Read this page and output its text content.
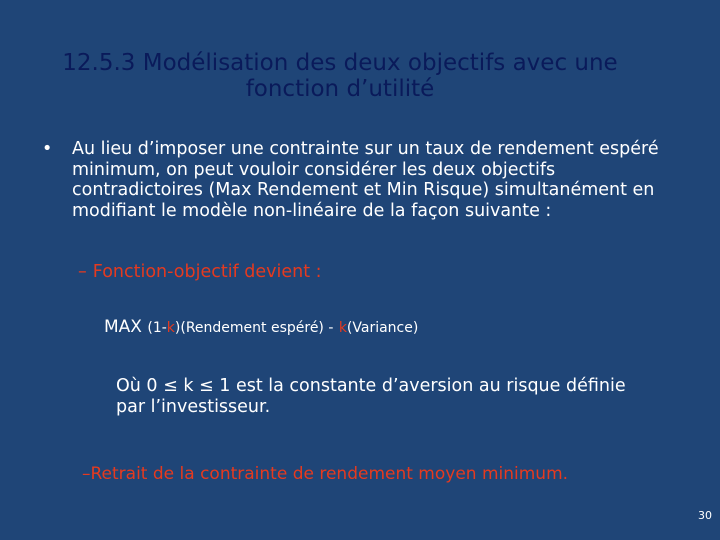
12.5.3 Modélisation des deux objectifs avec une
fonction d’utilité
• Au lieu d’imposer une contrainte sur un taux de rendement espéré minimum, on peut vouloir considérer les deux objectifs contradictoires (Max Rendement et Min Risque) simultanément en modifiant le modèle non-linéaire de la façon suivante :
– Fonction-objectif devient :
MAX (1-k)(Rendement espéré) - k(Variance)
Où 0 ≤ k ≤ 1 est la constante d’aversion au risque définie par l’investisseur.
–Retrait de la contrainte de rendement moyen minimum.
30
